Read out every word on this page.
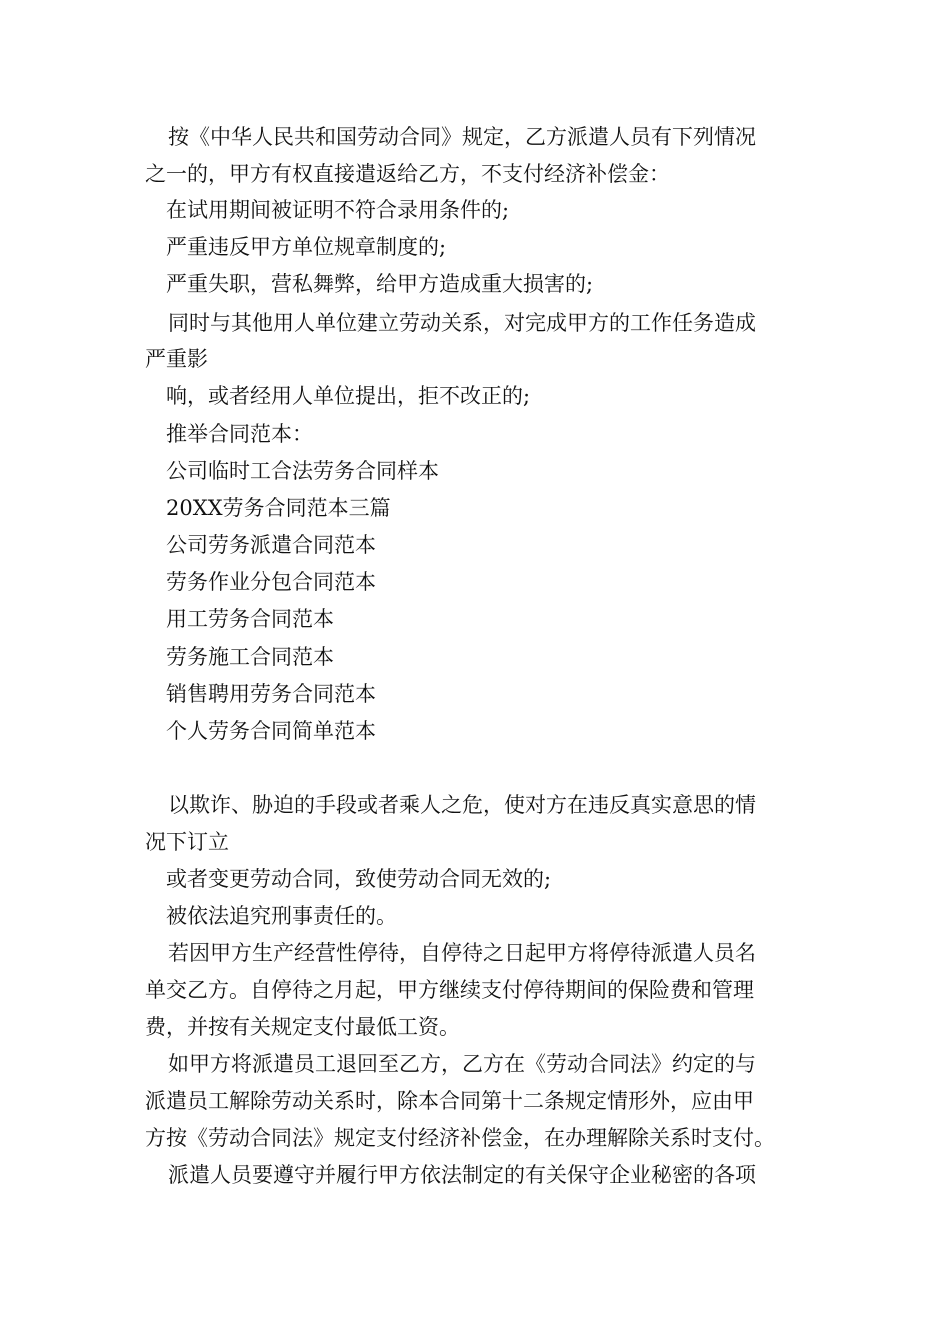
按《中华人民共和国劳动合同》规定，乙方派遣人员有下列情况
之一的，甲方有权直接遣返给乙方，不支付经济补偿金：
在试用期间被证明不符合录用条件的;
严重违反甲方单位规章制度的;
严重失职，营私舞弊，给甲方造成重大损害的;
同时与其他用人单位建立劳动关系，对完成甲方的工作任务造成
严重影
响，或者经用人单位提出，拒不改正的;
推举合同范本：
公司临时工合法劳务合同样本
20XX劳务合同范本三篇
公司劳务派遣合同范本
劳务作业分包合同范本
用工劳务合同范本
劳务施工合同范本
销售聘用劳务合同范本
个人劳务合同简单范本
以欺诈、胁迫的手段或者乘人之危，使对方在违反真实意思的情
况下订立
或者变更劳动合同，致使劳动合同无效的;
被依法追究刑事责任的。
若因甲方生产经营性停待，自停待之日起甲方将停待派遣人员名
单交乙方。自停待之月起，甲方继续支付停待期间的保险费和管理
费，并按有关规定支付最低工资。
如甲方将派遣员工退回至乙方，乙方在《劳动合同法》约定的与
派遣员工解除劳动关系时，除本合同第十二条规定情形外，应由甲
方按《劳动合同法》规定支付经济补偿金，在办理解除关系时支付。
派遣人员要遵守并履行甲方依法制定的有关保守企业秘密的各项
